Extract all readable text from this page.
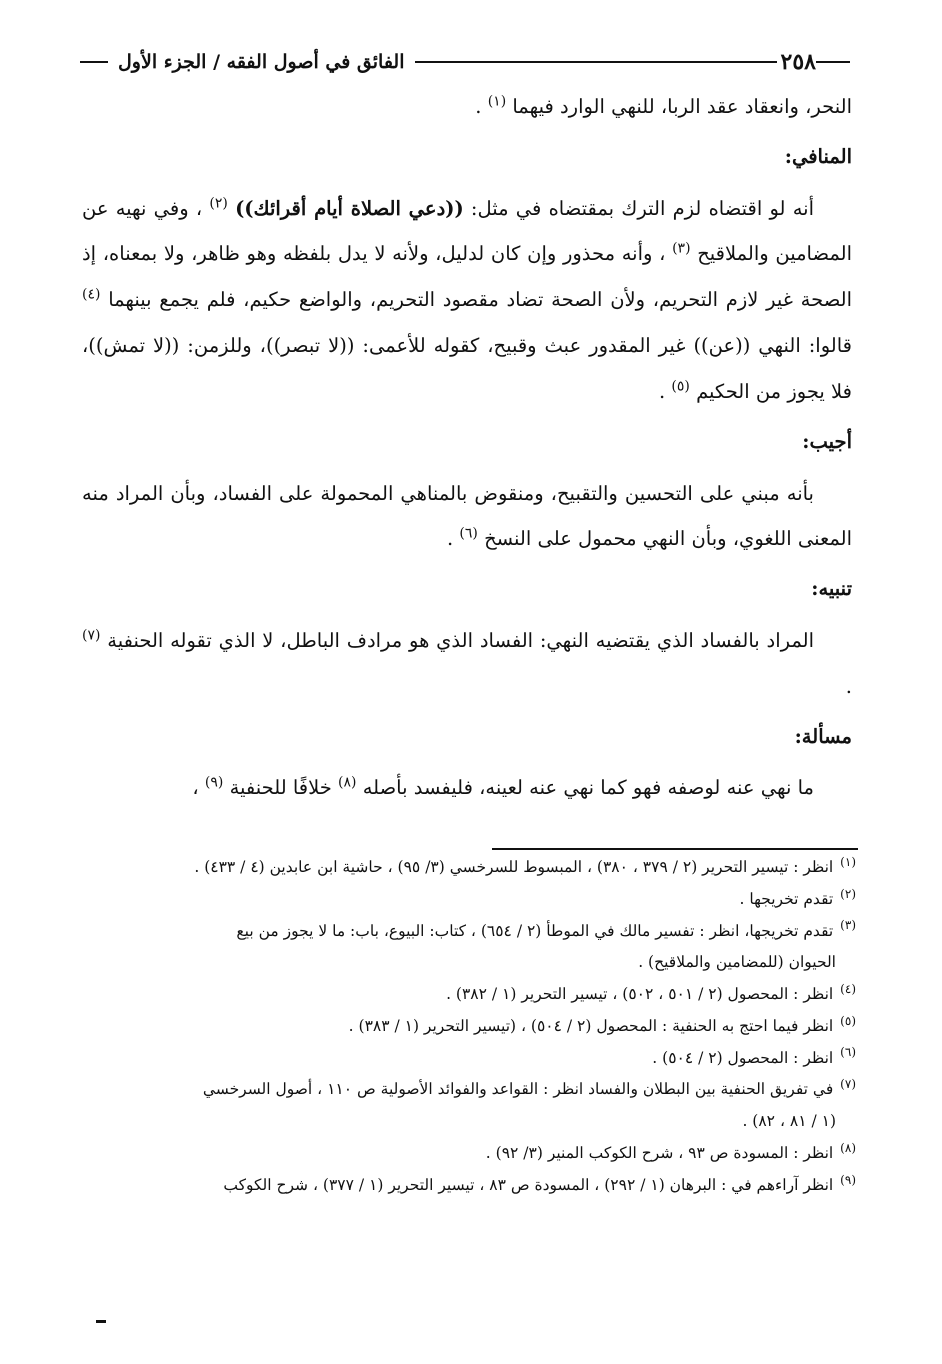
٢٥٨
الفائق في أصول الفقه / الجزء الأول

النحر، وانعقاد عقد الربا، للنهي الوارد فيهما $^{(١)}$ .

المنافي:

أنه لو اقتضاه لزم الترك بمقتضاه في مثل: ((دعي الصلاة أيام أقرائك)) $^{(٢)}$ ، وفي نهيه عن المضامين والملاقيح $^{(٣)}$ ، وأنه محذور وإن كان لدليل، ولأنه لا يدل بلفظه وهو ظاهر، ولا بمعناه، إذ الصحة غير لازم التحريم، ولأن الصحة تضاد مقصود التحريم، والواضع حكيم، فلم يجمع بينهما $^{(٤)}$ قالوا: النهي ((عن)) غير المقدور عبث وقبيح، كقوله للأعمى: ((لا تبصر))، وللزمن: ((لا تمش))، فلا يجوز من الحكيم $^{(٥)}$ .

أجيب:

بأنه مبني على التحسين والتقبيح، ومنقوض بالمناهي المحمولة على الفساد، وبأن المراد منه المعنى اللغوي، وبأن النهي محمول على النسخ $^{(٦)}$ .

تنبيه:

المراد بالفساد الذي يقتضيه النهي: الفساد الذي هو مرادف الباطل، لا الذي تقوله الحنفية $^{(٧)}$ .

مسألة:

ما نهي عنه لوصفه فهو كما نهي عنه لعينه، فليفسد بأصله $^{(٨)}$ خلافًا للحنفية $^{(٩)}$ ،

$^{(١)}$ انظر : تيسير التحرير (٢ / ٣٧٩ ، ٣٨٠) ، المبسوط للسرخسي (٣/ ٩٥) ، حاشية ابن عابدين (٤ / ٤٣٣) .

$^{(٢)}$ تقدم تخريجها .

$^{(٣)}$ تقدم تخريجها، انظر : تفسير مالك في الموطأ (٢ / ٦٥٤) ، كتاب: البيوع، باب: ما لا يجوز من بيع

الحيوان (للمضامين والملاقيح) .

$^{(٤)}$ انظر : المحصول (٢ / ٥٠١ ، ٥٠٢) ، تيسير التحرير (١ / ٣٨٢) .

$^{(٥)}$ انظر فيما احتج به الحنفية : المحصول (٢ / ٥٠٤) ، (تيسير التحرير (١ / ٣٨٣) .

$^{(٦)}$ انظر : المحصول (٢ / ٥٠٤) .

$^{(٧)}$ في تفريق الحنفية بين البطلان والفساد انظر : القواعد والفوائد الأصولية ص ١١٠ ، أصول السرخسي

(١ / ٨١ ، ٨٢) .

$^{(٨)}$ انظر : المسودة ص ٩٣ ، شرح الكوكب المنير (٣/ ٩٢) .

$^{(٩)}$ انظر آراءهم في : البرهان (١ / ٢٩٢) ، المسودة ص ٨٣ ، تيسير التحرير (١ / ٣٧٧) ، شرح الكوكب
